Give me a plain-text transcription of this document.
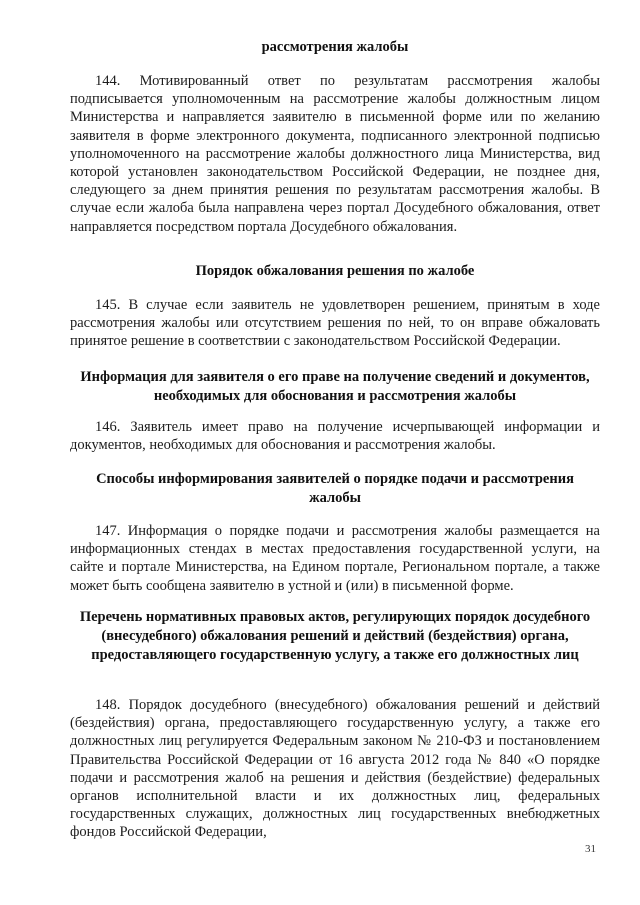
рассмотрения жалобы
144. Мотивированный ответ по результатам рассмотрения жалобы подписывается уполномоченным на рассмотрение жалобы должностным лицом Министерства и направляется заявителю в письменной форме или по желанию заявителя в форме электронного документа, подписанного электронной подписью уполномоченного на рассмотрение жалобы должностного лица Министерства, вид которой установлен законодательством Российской Федерации, не позднее дня, следующего за днем принятия решения по результатам рассмотрения жалобы. В случае если жалоба была направлена через портал Досудебного обжалования, ответ направляется посредством портала Досудебного обжалования.
Порядок обжалования решения по жалобе
145. В случае если заявитель не удовлетворен решением, принятым в ходе рассмотрения жалобы или отсутствием решения по ней, то он вправе обжаловать принятое решение в соответствии с законодательством Российской Федерации.
Информация для заявителя о его праве на получение сведений и документов, необходимых для обоснования и рассмотрения жалобы
146. Заявитель имеет право на получение исчерпывающей информации и документов, необходимых для обоснования и рассмотрения жалобы.
Способы информирования заявителей о порядке подачи и рассмотрения жалобы
147. Информация о порядке подачи и рассмотрения жалобы размещается на информационных стендах в местах предоставления государственной услуги, на сайте и портале Министерства, на Едином портале, Региональном портале, а также может быть сообщена заявителю в устной и (или) в письменной форме.
Перечень нормативных правовых актов, регулирующих порядок досудебного (внесудебного) обжалования решений и действий (бездействия) органа, предоставляющего государственную услугу, а также его должностных лиц
148. Порядок досудебного (внесудебного) обжалования решений и действий (бездействия) органа, предоставляющего государственную услугу, а также его должностных лиц регулируется Федеральным законом № 210-ФЗ и постановлением Правительства Российской Федерации от 16 августа 2012 года № 840 «О порядке подачи и рассмотрения жалоб на решения и действия (бездействие) федеральных органов исполнительной власти и их должностных лиц, федеральных государственных служащих, должностных лиц государственных внебюджетных фондов Российской Федерации,
31
